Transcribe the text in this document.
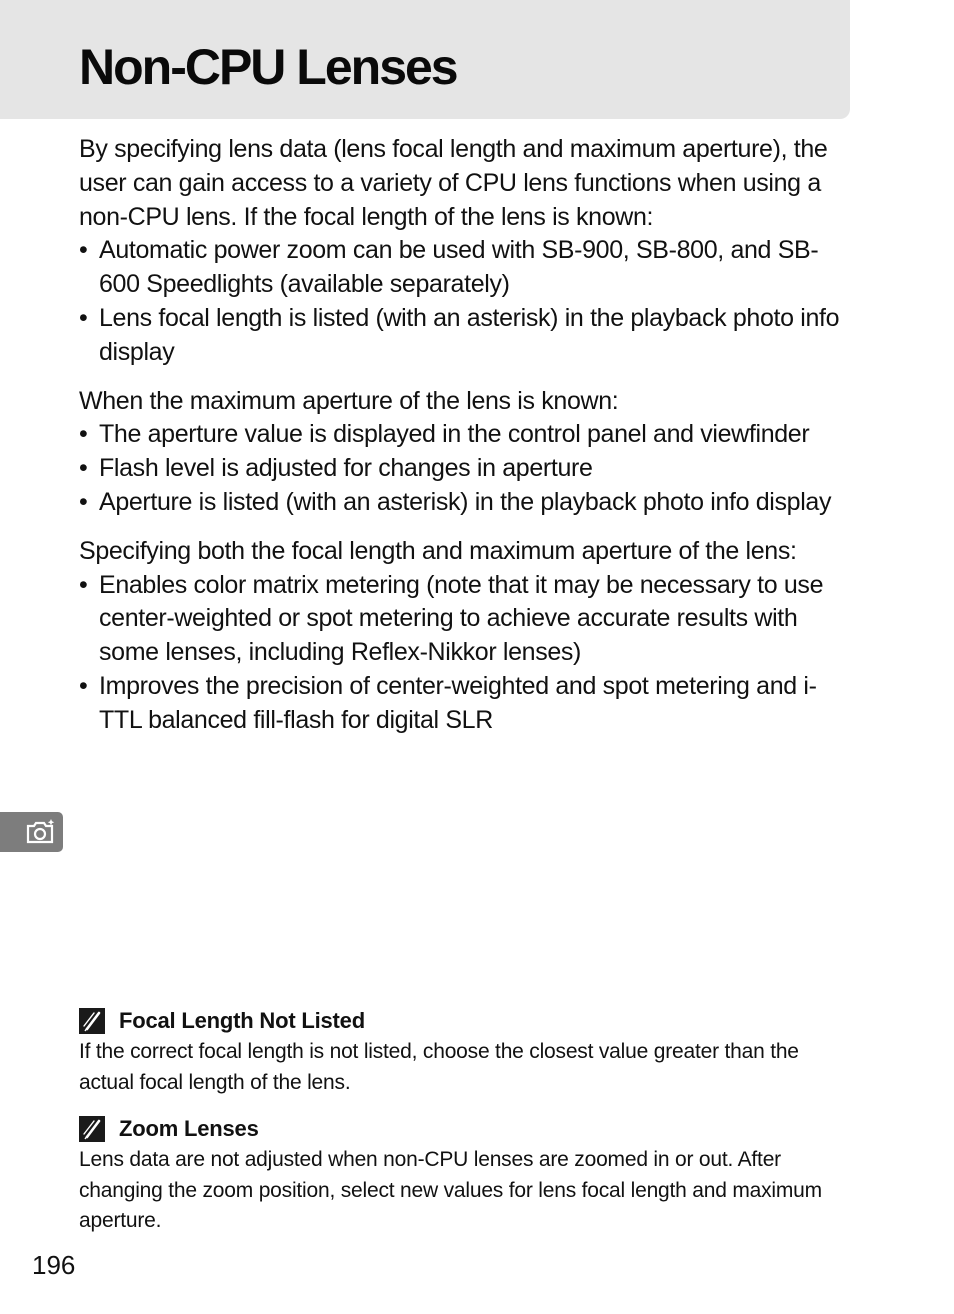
Non-CPU Lenses

By specifying lens data (lens focal length and maximum aperture), the user can gain access to a variety of CPU lens functions when using a non-CPU lens. If the focal length of the lens is known:

• Automatic power zoom can be used with SB-900, SB-800, and SB-600 Speedlights (available separately)
• Lens focal length is listed (with an asterisk) in the playback photo info display

When the maximum aperture of the lens is known:

• The aperture value is displayed in the control panel and viewfinder
• Flash level is adjusted for changes in aperture
• Aperture is listed (with an asterisk) in the playback photo info display

Specifying both the focal length and maximum aperture of the lens:

• Enables color matrix metering (note that it may be necessary to use center-weighted or spot metering to achieve accurate results with some lenses, including Reflex-Nikkor lenses)
• Improves the precision of center-weighted and spot metering and i-TTL balanced fill-flash for digital SLR
Focal Length Not Listed

If the correct focal length is not listed, choose the closest value greater than the actual focal length of the lens.

Zoom Lenses

Lens data are not adjusted when non-CPU lenses are zoomed in or out. After changing the zoom position, select new values for lens focal length and maximum aperture.

196
